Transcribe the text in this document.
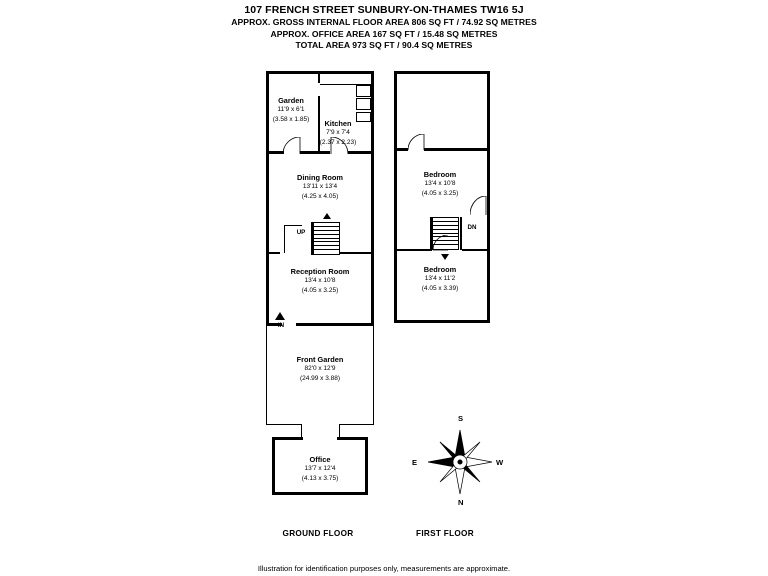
107 FRENCH STREET SUNBURY-ON-THAMES TW16 5J
APPROX. GROSS INTERNAL FLOOR AREA 806 SQ FT / 74.92 SQ METRES
APPROX. OFFICE AREA 167 SQ FT / 15.48 SQ METRES
TOTAL AREA 973 SQ FT / 90.4 SQ METRES
Garden
11'9 x 6'1
(3.58 x 1.85)	Kitchen
7'9 x 7'4
(2.37 x 2.23)
UP
Dining Room
13'11 x 13'4
(4.25 x 4.05)
Reception Room
13'4 x 10'8
(4.05 x 3.25)
IN
Front Garden
82'0 x 12'9
(24.99 x 3.88)
Office
13'7 x 12'4
(4.13 x 3.75)
DN
Bedroom
13'4 x 10'8
(4.05 x 3.25)
Bedroom
13'4 x 11'2
(4.05 x 3.39)
S
N
E	W
GROUND FLOOR	FIRST FLOOR
Illustration for identification purposes only, measurements are approximate.
